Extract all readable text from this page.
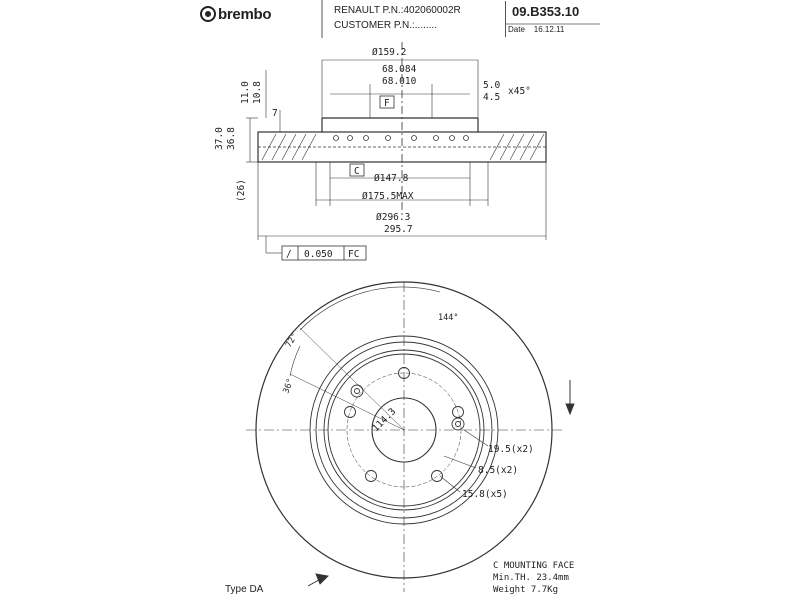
brembo	RENAULT P.N.:402060002R
CUSTOMER P.N.:........
09.B353.10
Date 16.12.11
Ø159.2
68.084
68.010	5.0
4.5
x45°
F
C
Ø147.8
Ø175.5MAX
Ø296.3
295.7
/ 0.050 FC
7
37.0 36.8
(26)
11.0 10.8
144°
72°
36°
114.3
19.5(x2)
8.5(x2)
15.8(x5)
C MOUNTING FACE
Min.TH. 23.4mm
Weight 7.7Kg
Type DA
